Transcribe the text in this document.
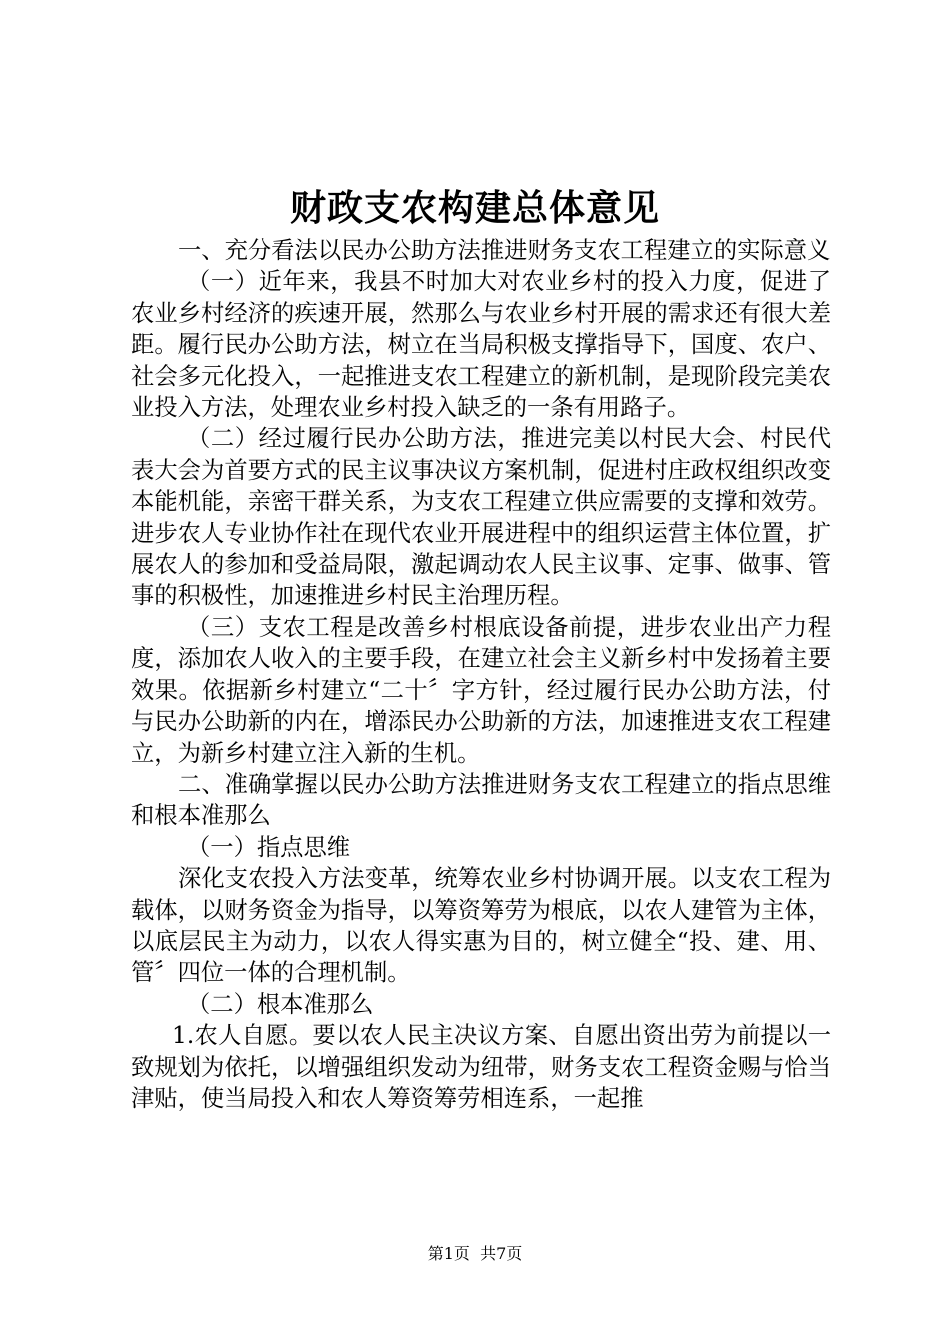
财政支农构建总体意见

一、充分看法以民办公助方法推进财务支农工程建立的实际意义

（一）近年来，我县不时加大对农业乡村的投入力度，促进了农业乡村经济的疾速开展，然那么与农业乡村开展的需求还有很大差距。履行民办公助方法，树立在当局积极支撑指导下，国度、农户、社会多元化投入，一起推进支农工程建立的新机制，是现阶段完美农业投入方法，处理农业乡村投入缺乏的一条有用路子。

（二）经过履行民办公助方法，推进完美以村民大会、村民代表大会为首要方式的民主议事决议方案机制，促进村庄政权组织改变本能机能，亲密干群关系，为支农工程建立供应需要的支撑和效劳。进步农人专业协作社在现代农业开展进程中的组织运营主体位置，扩展农人的参加和受益局限，激起调动农人民主议事、定事、做事、管事的积极性，加速推进乡村民主治理历程。

（三）支农工程是改善乡村根底设备前提，进步农业出产力程度，添加农人收入的主要手段，在建立社会主义新乡村中发扬着主要效果。依据新乡村建立“二十〞字方针，经过履行民办公助方法，付与民办公助新的内在，增添民办公助新的方法，加速推进支农工程建立，为新乡村建立注入新的生机。

二、准确掌握以民办公助方法推进财务支农工程建立的指点思维和根本准那么

（一）指点思维

深化支农投入方法变革，统筹农业乡村协调开展。以支农工程为载体，以财务资金为指导，以筹资筹劳为根底，以农人建管为主体，以底层民主为动力，以农人得实惠为目的，树立健全“投、建、用、管〞四位一体的合理机制。

（二）根本准那么

1.农人自愿。要以农人民主决议方案、自愿出资出劳为前提以一致规划为依托，以增强组织发动为纽带，财务支农工程资金赐与恰当津贴，使当局投入和农人筹资筹劳相连系，一起推

第1页 共7页
